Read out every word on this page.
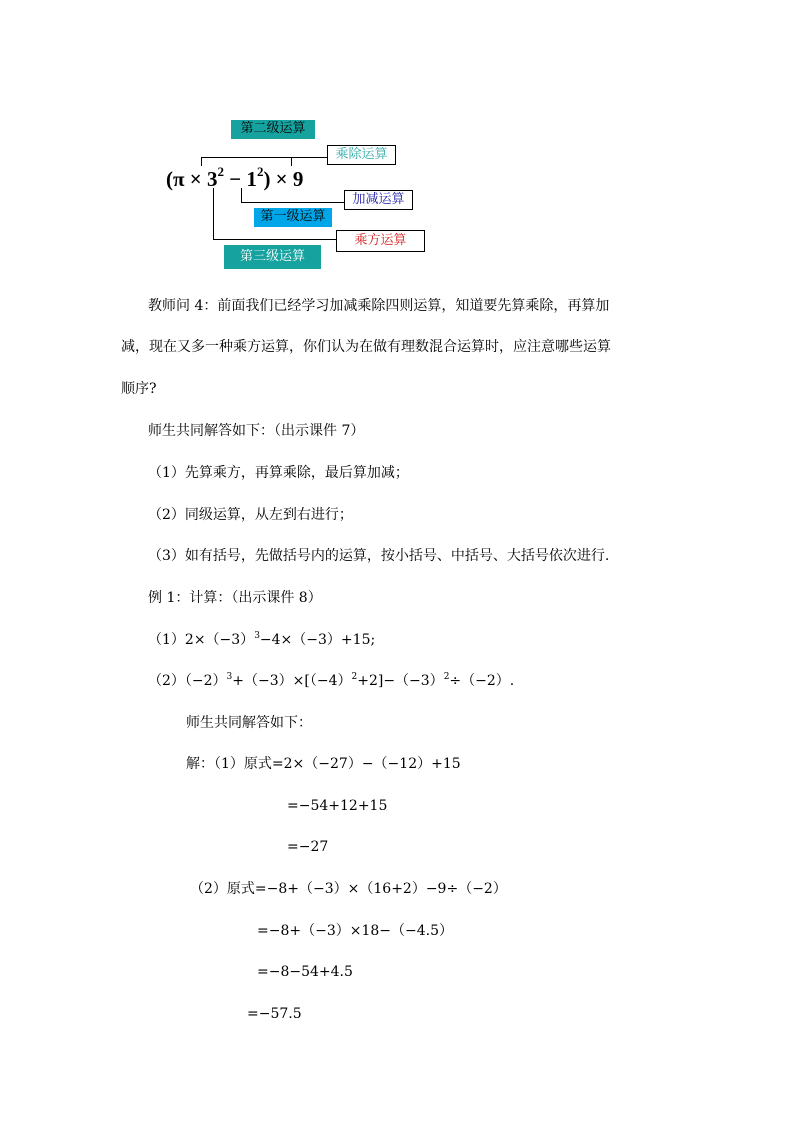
第二级运算
乘除运算
加减运算
第一级运算
乘方运算
第三级运算
$(\pi \times 3^2 - 1^2) \times 9$
教师问 4：前面我们已经学习加减乘除四则运算，知道要先算乘除，再算加
减，现在又多一种乘方运算，你们认为在做有理数混合运算时，应注意哪些运算
顺序?
师生共同解答如下：（出示课件 7）
（1）先算乘方，再算乘除，最后算加减；
（2）同级运算，从左到右进行；
（3）如有括号，先做括号内的运算，按小括号、中括号、大括号依次进行.
例 1：计算：（出示课件 8）
$(1)2\times(-3)^3-4\times(-3)+15$;
$(2)(-2)^3+(-3)\times[(-4)^2+2]-(-3)^2\div(-2)$.
师生共同解答如下：
解：（1）原式=2×（−27）−（−12）+15
=−54+12+15
=−27
（2）原式=−8+（−3）×（16+2）−9÷（−2）
=−8+（−3）×18−（−4.5）
=−8−54+4.5
=−57.5
